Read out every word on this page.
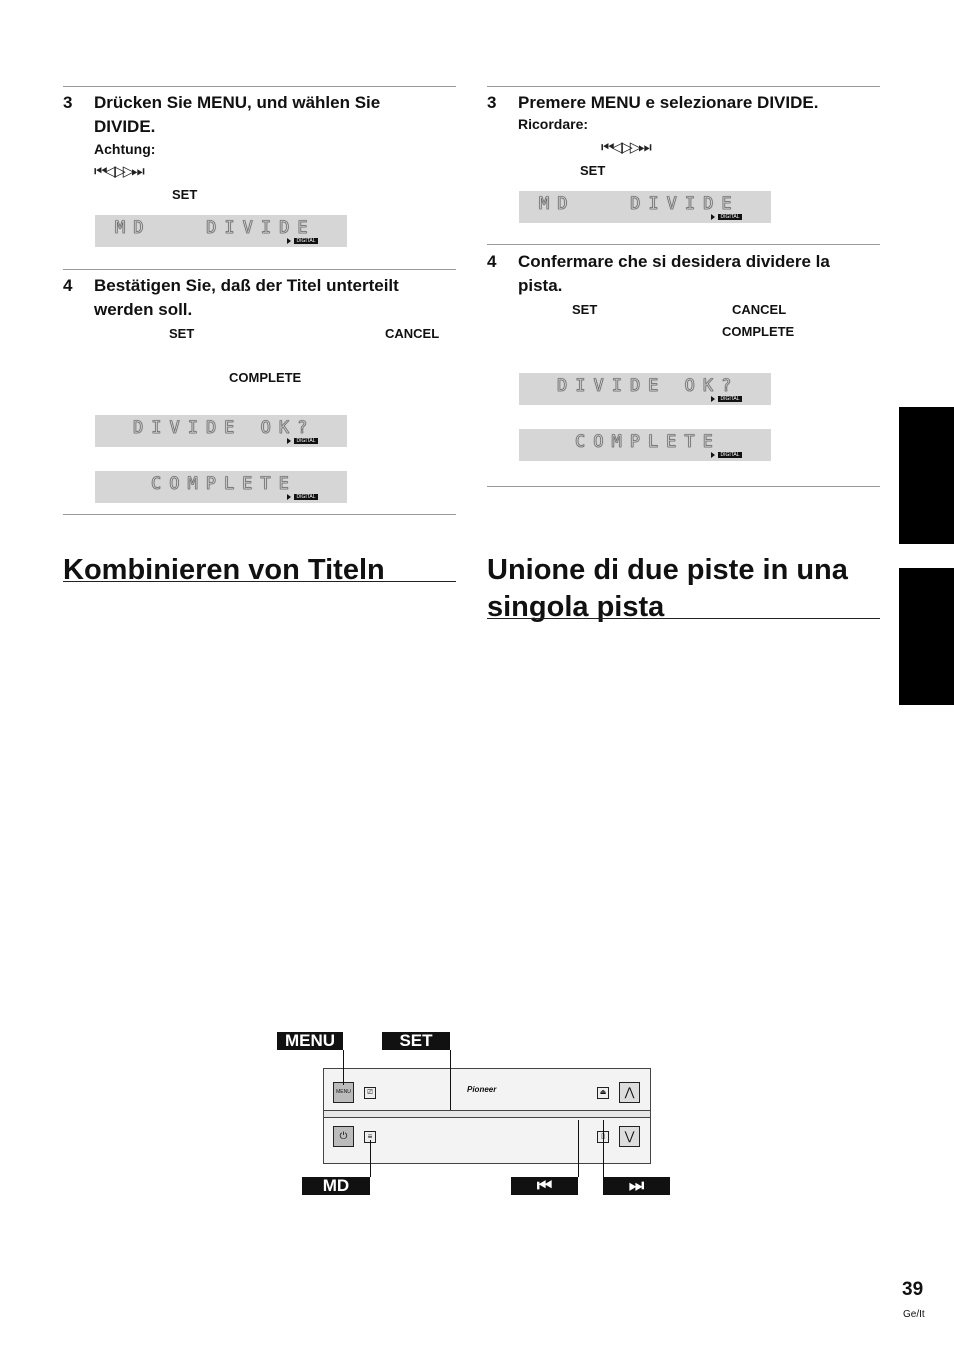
3 Drücken Sie MENU, und wählen Sie
DIVIDE.
Achtung:
⏮︎◁ ▷▷⏭︎
SET
MD   DIVIDE
DIGITAL
4 Bestätigen Sie, daß der Titel unterteilt
werden soll.
SET	CANCEL
COMPLETE
DIVIDE OK?
DIGITAL
COMPLETE
DIGITAL
Kombinieren von Titeln
3 Premere MENU e selezionare DIVIDE.
Ricordare:
⏮︎◁ ▷▷⏭︎
SET
MD   DIVIDE
DIGITAL
4 Confermare che si desidera dividere la
pista.
SET	CANCEL
COMPLETE
DIVIDE OK?
DIGITAL
COMPLETE
DIGITAL
Unione di due piste in una
singola pista
MENU	SET
MD	⏮	⏭
MENU	⎚	Pioneer	⏏	⋀
⏻	≡	▯	⋁
39
Ge/It
